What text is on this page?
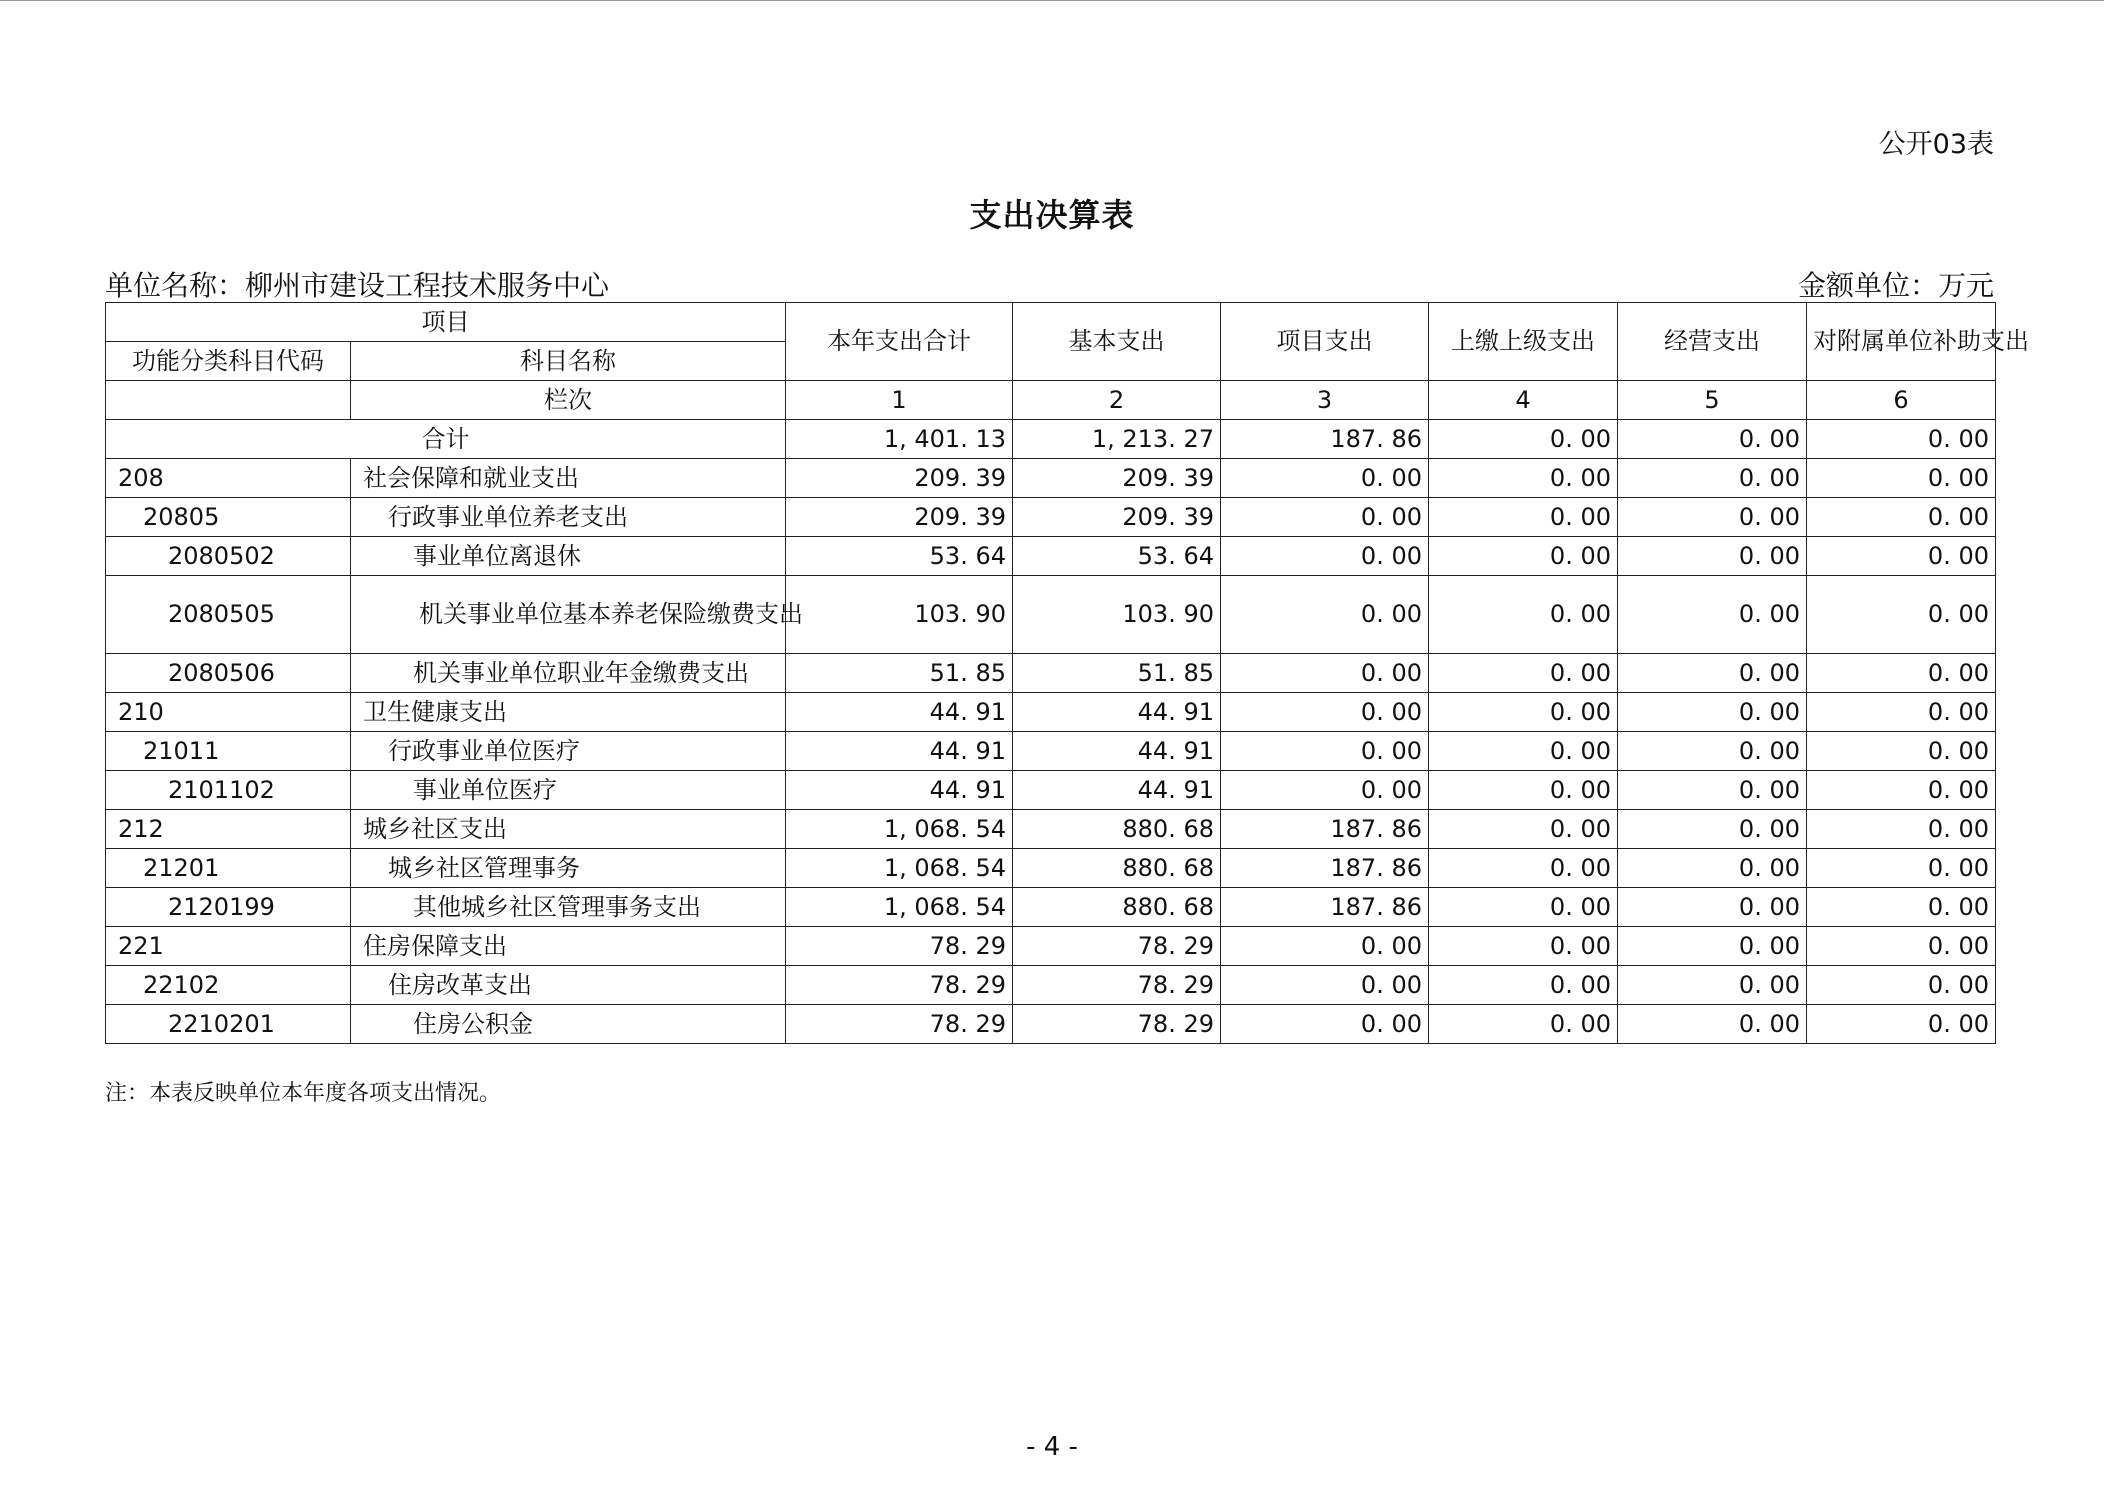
公开03表
支出决算表
单位名称：柳州市建设工程技术服务中心	金额单位：万元
项目		本年支出合计	基本支出	项目支出	上缴上级支出	经营支出	对附属单位补助支出
功能分类科目代码	科目名称						
	栏次	1	2	3	4	5	6
合计		1, 401. 13	1, 213. 27	187. 86	0. 00	0. 00	0. 00
208	社会保障和就业支出	209. 39	209. 39	0. 00	0. 00	0. 00	0. 00
20805	行政事业单位养老支出	209. 39	209. 39	0. 00	0. 00	0. 00	0. 00
2080502	事业单位离退休	53. 64	53. 64	0. 00	0. 00	0. 00	0. 00
2080505	机关事业单位基本养老保险缴费支出	103. 90	103. 90	0. 00	0. 00	0. 00	0. 00
2080506	机关事业单位职业年金缴费支出	51. 85	51. 85	0. 00	0. 00	0. 00	0. 00
210	卫生健康支出	44. 91	44. 91	0. 00	0. 00	0. 00	0. 00
21011	行政事业单位医疗	44. 91	44. 91	0. 00	0. 00	0. 00	0. 00
2101102	事业单位医疗	44. 91	44. 91	0. 00	0. 00	0. 00	0. 00
212	城乡社区支出	1, 068. 54	880. 68	187. 86	0. 00	0. 00	0. 00
21201	城乡社区管理事务	1, 068. 54	880. 68	187. 86	0. 00	0. 00	0. 00
2120199	其他城乡社区管理事务支出	1, 068. 54	880. 68	187. 86	0. 00	0. 00	0. 00
221	住房保障支出	78. 29	78. 29	0. 00	0. 00	0. 00	0. 00
22102	住房改革支出	78. 29	78. 29	0. 00	0. 00	0. 00	0. 00
2210201	住房公积金	78. 29	78. 29	0. 00	0. 00	0. 00	0. 00
注：本表反映单位本年度各项支出情况。
- 4 -
